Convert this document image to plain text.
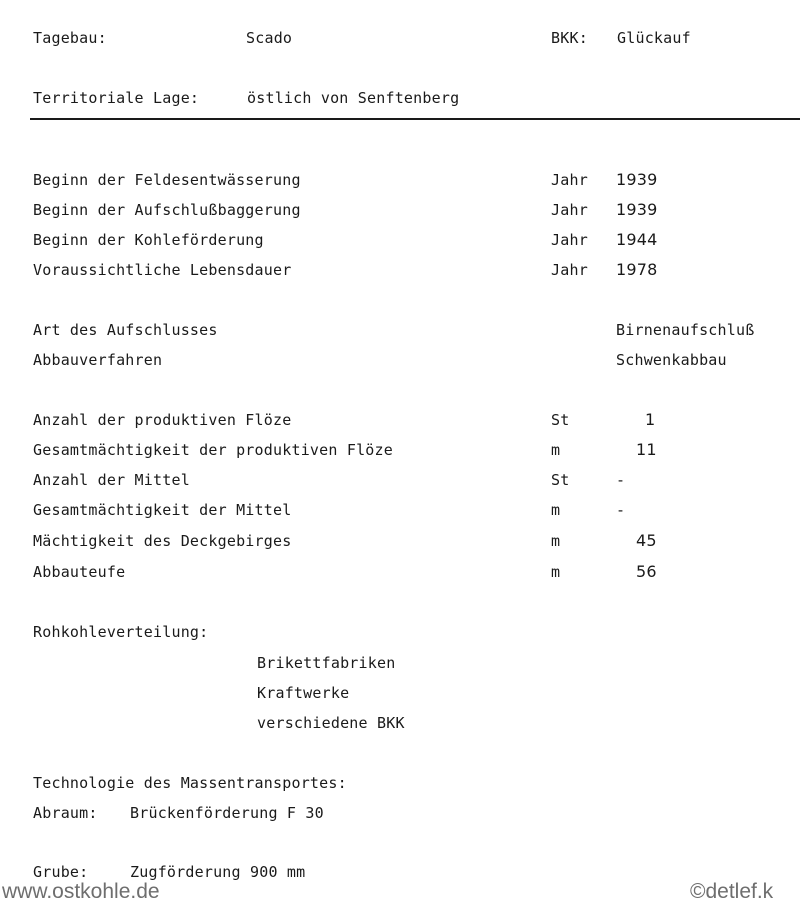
Tagebau:	Scado	BKK: Glückauf
Territoriale Lage:	östlich von Senftenberg
Beginn der Feldesentwässerung	Jahr 1939
Beginn der Aufschlußbaggerung	Jahr 1939
Beginn der Kohleförderung	Jahr 1944
Voraussichtliche Lebensdauer	Jahr 1978
Art des Aufschlusses	Birnenaufschluß
Abbauverfahren	Schwenkabbau
Anzahl der produktiven Flöze	St	1
Gesamtmächtigkeit der produktiven Flöze	m	11
Anzahl der Mittel	St	-
Gesamtmächtigkeit der Mittel	m	-
Mächtigkeit des Deckgebirges	m	45
Abbauteufe	m	56
Rohkohleverteilung:
Brikettfabriken
Kraftwerke
verschiedene BKK
Technologie des Massentransportes:
Abraum: Brückenförderung F 30
Grube:	Zugförderung 900 mm
www.ostkohle.de	©detlef.k
